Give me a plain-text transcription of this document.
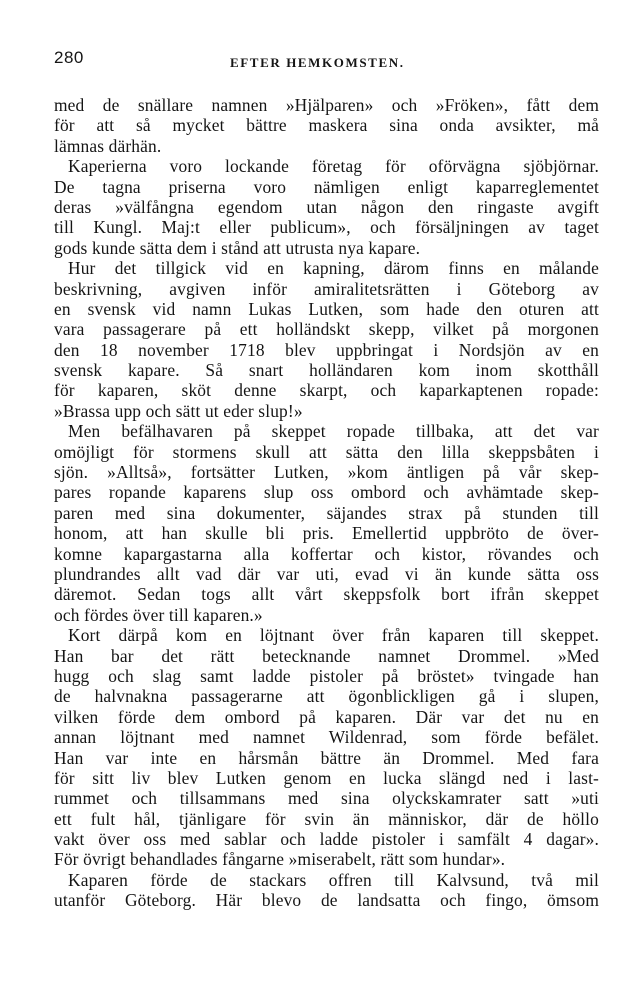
280	EFTER HEMKOMSTEN.
med de snällare namnen »Hjälparen» och »Fröken», fått dem
för att så mycket bättre maskera sina onda avsikter, må
lämnas därhän.
Kaperierna voro lockande företag för oförvägna sjöbjörnar.
De tagna priserna voro nämligen enligt kaparreglementet
deras »välfångna egendom utan någon den ringaste avgift
till Kungl. Maj:t eller publicum», och försäljningen av taget
gods kunde sätta dem i stånd att utrusta nya kapare.
Hur det tillgick vid en kapning, därom finns en målande
beskrivning, avgiven inför amiralitetsrätten i Göteborg av
en svensk vid namn Lukas Lutken, som hade den oturen att
vara passagerare på ett holländskt skepp, vilket på morgonen
den 18 november 1718 blev uppbringat i Nordsjön av en
svensk kapare. Så snart holländaren kom inom skotthåll
för kaparen, sköt denne skarpt, och kaparkaptenen ropade:
»Brassa upp och sätt ut eder slup!»
Men befälhavaren på skeppet ropade tillbaka, att det var
omöjligt för stormens skull att sätta den lilla skeppsbåten i
sjön. »Alltså», fortsätter Lutken, »kom äntligen på vår skep-
pares ropande kaparens slup oss ombord och avhämtade skep-
paren med sina dokumenter, säjandes strax på stunden till
honom, att han skulle bli pris. Emellertid uppbröto de över-
komne kapargastarna alla koffertar och kistor, rövandes och
plundrandes allt vad där var uti, evad vi än kunde sätta oss
däremot. Sedan togs allt vårt skeppsfolk bort ifrån skeppet
och fördes över till kaparen.»
Kort därpå kom en löjtnant över från kaparen till skeppet.
Han bar det rätt betecknande namnet Drommel. »Med
hugg och slag samt ladde pistoler på bröstet» tvingade han
de halvnakna passagerarne att ögonblickligen gå i slupen,
vilken förde dem ombord på kaparen. Där var det nu en
annan löjtnant med namnet Wildenrad, som förde befälet.
Han var inte en hårsmån bättre än Drommel. Med fara
för sitt liv blev Lutken genom en lucka slängd ned i last-
rummet och tillsammans med sina olyckskamrater satt »uti
ett fult hål, tjänligare för svin än människor, där de höllo
vakt över oss med sablar och ladde pistoler i samfält 4 dagar».
För övrigt behandlades fångarne »miserabelt, rätt som hundar».
Kaparen förde de stackars offren till Kalvsund, två mil
utanför Göteborg. Här blevo de landsatta och fingo, ömsom
